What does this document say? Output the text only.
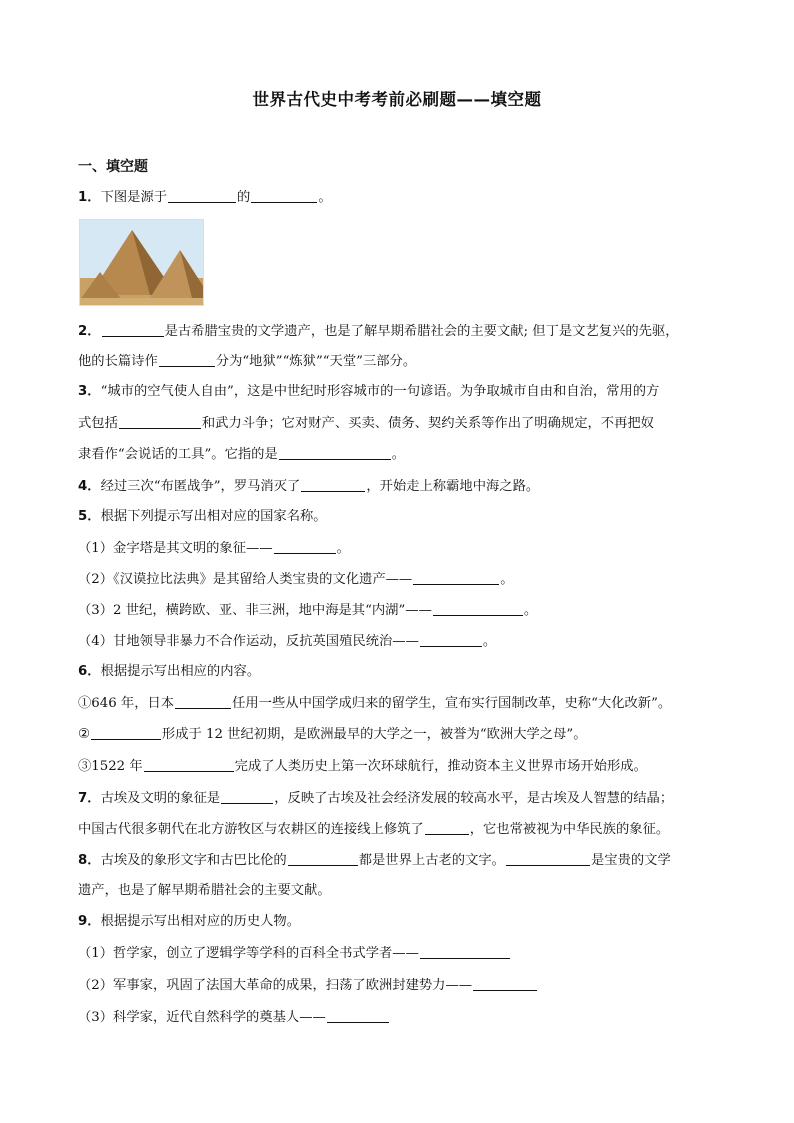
世界古代史中考考前必刷题——填空题
一、填空题
1．下图是源于	的	。
2．	是古希腊宝贵的文学遗产，也是了解早期希腊社会的主要文献; 但丁是文艺复兴的先驱，
他的长篇诗作	分为“地狱”“炼狱”“天堂”三部分。
3．“城市的空气使人自由”，这是中世纪时形容城市的一句谚语。为争取城市自由和自治，常用的方
式包括	和武力斗争；它对财产、买卖、债务、契约关系等作出了明确规定，不再把奴
隶看作“会说话的工具”。它指的是	。
4．经过三次“布匿战争”，罗马消灭了	，开始走上称霸地中海之路。
5．根据下列提示写出相对应的国家名称。
（1）金字塔是其文明的象征——	。
（2）《汉谟拉比法典》是其留给人类宝贵的文化遗产——	。
（3）2 世纪，横跨欧、亚、非三洲，地中海是其“内湖”——	。
（4）甘地领导非暴力不合作运动，反抗英国殖民统治——	。
6．根据提示写出相应的内容。
①646 年，日本	任用一些从中国学成归来的留学生，宣布实行国制改革，史称“大化改新”。
②	形成于 12 世纪初期，是欧洲最早的大学之一，被誉为“欧洲大学之母”。
③1522 年	完成了人类历史上第一次环球航行，推动资本主义世界市场开始形成。
7．古埃及文明的象征是	，反映了古埃及社会经济发展的较高水平，是古埃及人智慧的结晶；
中国古代很多朝代在北方游牧区与农耕区的连接线上修筑了	，它也常被视为中华民族的象征。
8．古埃及的象形文字和古巴比伦的	都是世界上古老的文字。	是宝贵的文学
遗产，也是了解早期希腊社会的主要文献。
9．根据提示写出相对应的历史人物。
（1）哲学家，创立了逻辑学等学科的百科全书式学者——
（2）军事家，巩固了法国大革命的成果，扫荡了欧洲封建势力——
（3）科学家，近代自然科学的奠基人——
